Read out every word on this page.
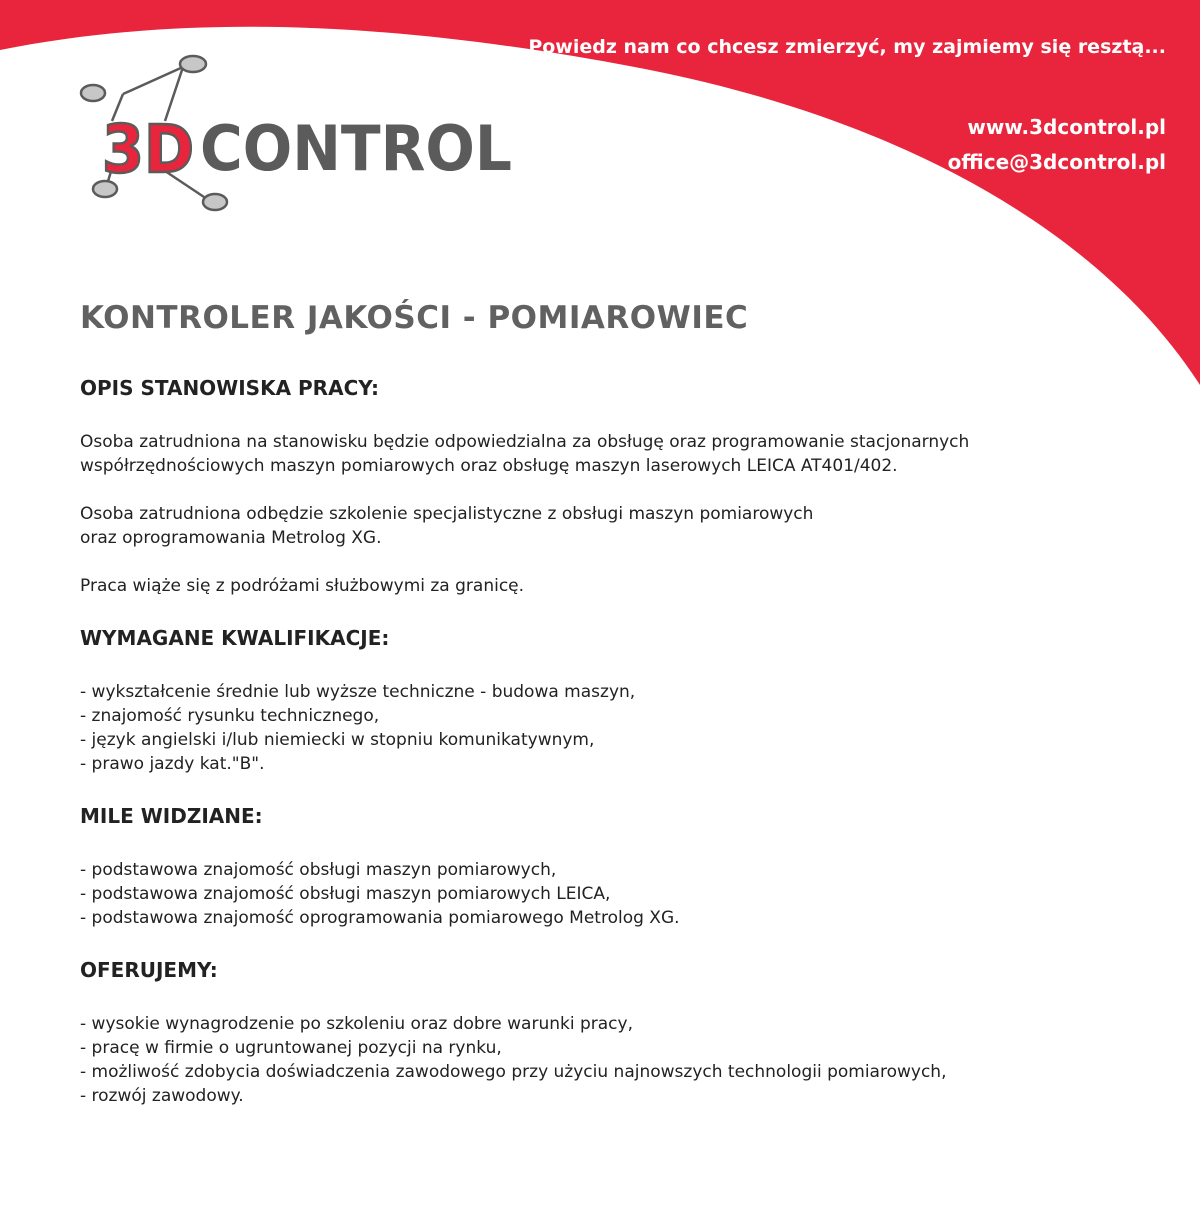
Powiedz nam co chcesz zmierzyć, my zajmiemy się resztą...
www.3dcontrol.pl
office@3dcontrol.pl
3D CONTROL
KONTROLER JAKOŚCI - POMIAROWIEC
OPIS STANOWISKA PRACY:
Osoba zatrudniona na stanowisku będzie odpowiedzialna za obsługę oraz programowanie stacjonarnych
współrzędnościowych maszyn pomiarowych oraz obsługę maszyn laserowych LEICA AT401/402.
Osoba zatrudniona odbędzie szkolenie specjalistyczne z obsługi maszyn pomiarowych
oraz oprogramowania Metrolog XG.
Praca wiąże się z podróżami służbowymi za granicę.
WYMAGANE KWALIFIKACJE:
- wykształcenie średnie lub wyższe techniczne - budowa maszyn,
- znajomość rysunku technicznego,
- język angielski i/lub niemiecki w stopniu komunikatywnym,
- prawo jazdy kat."B".
MILE WIDZIANE:
- podstawowa znajomość obsługi maszyn pomiarowych,
- podstawowa znajomość obsługi maszyn pomiarowych LEICA,
- podstawowa znajomość oprogramowania pomiarowego Metrolog XG.
OFERUJEMY:
- wysokie wynagrodzenie po szkoleniu oraz dobre warunki pracy,
- pracę w firmie o ugruntowanej pozycji na rynku,
- możliwość zdobycia doświadczenia zawodowego przy użyciu najnowszych technologii pomiarowych,
- rozwój zawodowy.
